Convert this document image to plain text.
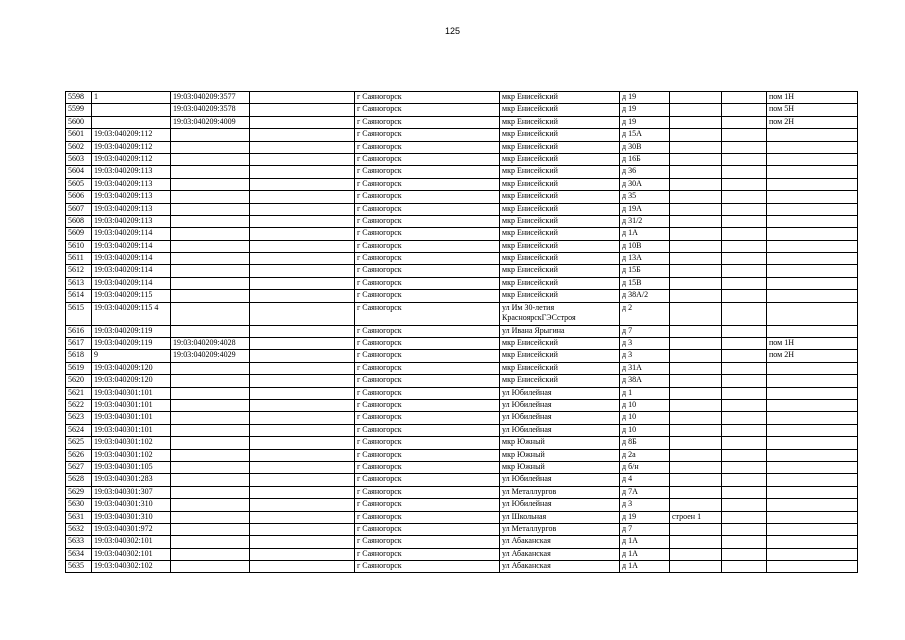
125
5598	1	19:03:040209:3577		г Саяногорск	мкр Енисейский	д 19			пом 1Н
5599		19:03:040209:3578		г Саяногорск	мкр Енисейский	д 19			пом 5Н
5600		19:03:040209:4009		г Саяногорск	мкр Енисейский	д 19			пом 2Н
5601	19:03:040209:112			г Саяногорск	мкр Енисейский	д 15А			
5602	19:03:040209:112			г Саяногорск	мкр Енисейский	д 30В			
5603	19:03:040209:112			г Саяногорск	мкр Енисейский	д 16Б			
5604	19:03:040209:113			г Саяногорск	мкр Енисейский	д 36			
5605	19:03:040209:113			г Саяногорск	мкр Енисейский	д 30А			
5606	19:03:040209:113			г Саяногорск	мкр Енисейский	д 35			
5607	19:03:040209:113			г Саяногорск	мкр Енисейский	д 19А			
5608	19:03:040209:113			г Саяногорск	мкр Енисейский	д 31/2			
5609	19:03:040209:114			г Саяногорск	мкр Енисейский	д 1А			
5610	19:03:040209:114			г Саяногорск	мкр Енисейский	д 10В			
5611	19:03:040209:114			г Саяногорск	мкр Енисейский	д 13А			
5612	19:03:040209:114			г Саяногорск	мкр Енисейский	д 15Б			
5613	19:03:040209:114			г Саяногорск	мкр Енисейский	д 15В			
5614	19:03:040209:115			г Саяногорск	мкр Енисейский	д 38А/2			
5615	19:03:040209:115 4			г Саяногорск	ул Им 30-летия КрасноярскГЭСстроя	д 2			
5616	19:03:040209:119			г Саяногорск	ул Ивана Ярыгина	д 7			
5617	19:03:040209:119	19:03:040209:4028		г Саяногорск	мкр Енисейский	д 3			пом 1Н
5618	9	19:03:040209:4029		г Саяногорск	мкр Енисейский	д 3			пом 2Н
5619	19:03:040209:120			г Саяногорск	мкр Енисейский	д 31А			
5620	19:03:040209:120			г Саяногорск	мкр Енисейский	д 38А			
5621	19:03:040301:101			г Саяногорск	ул Юбилейная	д 1			
5622	19:03:040301:101			г Саяногорск	ул Юбилейная	д 10			
5623	19:03:040301:101			г Саяногорск	ул Юбилейная	д 10			
5624	19:03:040301:101			г Саяногорск	ул Юбилейная	д 10			
5625	19:03:040301:102			г Саяногорск	мкр Южный	д 8Б			
5626	19:03:040301:102			г Саяногорск	мкр Южный	д 2а			
5627	19:03:040301:105			г Саяногорск	мкр Южный	д б/н			
5628	19:03:040301:283			г Саяногорск	ул Юбилейная	д 4			
5629	19:03:040301:307			г Саяногорск	ул Металлургов	д 7А			
5630	19:03:040301:310			г Саяногорск	ул Юбилейная	д 3			
5631	19:03:040301:310			г Саяногорск	ул Школьная	д 19	строен 1		
5632	19:03:040301:972			г Саяногорск	ул Металлургов	д 7			
5633	19:03:040302:101			г Саяногорск	ул Абаканская	д 1А			
5634	19:03:040302:101			г Саяногорск	ул Абаканская	д 1А			
5635	19:03:040302:102			г Саяногорск	ул Абаканская	д 1А			
